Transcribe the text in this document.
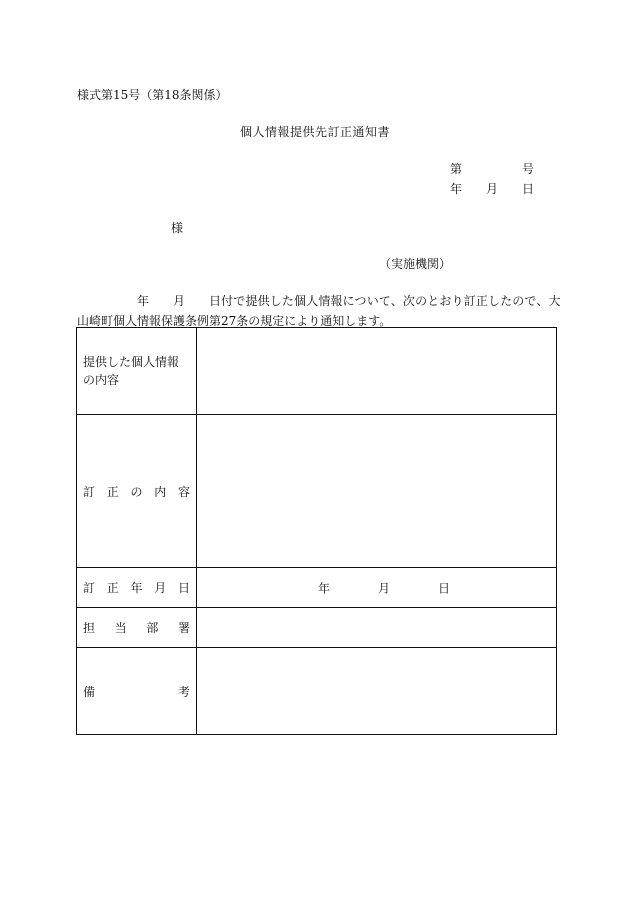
様式第15号（第18条関係）
個人情報提供先訂正通知書
第	号
年 月 日
様
（実施機関）
年 月 日付で提供した個人情報について、次のとおり訂正したので、大
山崎町個人情報保護条例第27条の規定により通知します。
提供した個人情報
の内容	

訂 正 の 内 容	

訂 正 年 月 日	年 月 日

担 当 部 署	

備 考	
